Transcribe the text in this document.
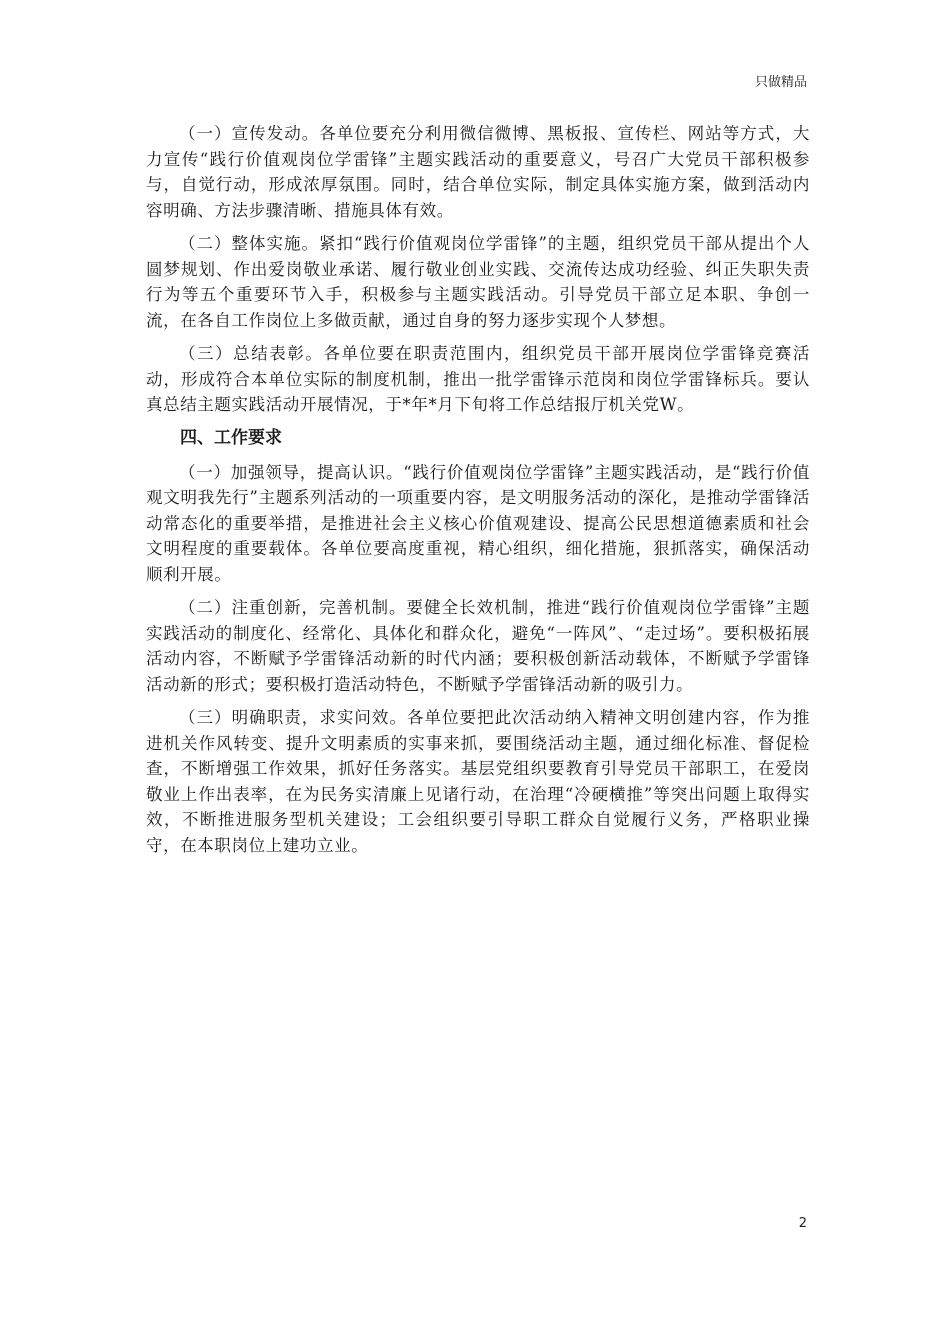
只做精品

（一）宣传发动。各单位要充分利用微信微博、黑板报、宣传栏、网站等方式，大力宣传“践行价值观岗位学雷锋”主题实践活动的重要意义，号召广大党员干部积极参与，自觉行动，形成浓厚氛围。同时，结合单位实际，制定具体实施方案，做到活动内容明确、方法步骤清晰、措施具体有效。

（二）整体实施。紧扣“践行价值观岗位学雷锋”的主题，组织党员干部从提出个人圆梦规划、作出爱岗敬业承诺、履行敬业创业实践、交流传达成功经验、纠正失职失责行为等五个重要环节入手，积极参与主题实践活动。引导党员干部立足本职、争创一流，在各自工作岗位上多做贡献，通过自身的努力逐步实现个人梦想。

（三）总结表彰。各单位要在职责范围内，组织党员干部开展岗位学雷锋竞赛活动，形成符合本单位实际的制度机制，推出一批学雷锋示范岗和岗位学雷锋标兵。要认真总结主题实践活动开展情况，于*年*月下旬将工作总结报厅机关党W。

四、工作要求

（一）加强领导，提高认识。“践行价值观岗位学雷锋”主题实践活动，是“践行价值观文明我先行”主题系列活动的一项重要内容，是文明服务活动的深化，是推动学雷锋活动常态化的重要举措，是推进社会主义核心价值观建设、提高公民思想道德素质和社会文明程度的重要载体。各单位要高度重视，精心组织，细化措施，狠抓落实，确保活动顺利开展。

（二）注重创新，完善机制。要健全长效机制，推进“践行价值观岗位学雷锋”主题实践活动的制度化、经常化、具体化和群众化，避免“一阵风”、“走过场”。要积极拓展活动内容，不断赋予学雷锋活动新的时代内涵；要积极创新活动载体，不断赋予学雷锋活动新的形式；要积极打造活动特色，不断赋予学雷锋活动新的吸引力。

（三）明确职责，求实问效。各单位要把此次活动纳入精神文明创建内容，作为推进机关作风转变、提升文明素质的实事来抓，要围绕活动主题，通过细化标准、督促检查，不断增强工作效果，抓好任务落实。基层党组织要教育引导党员干部职工，在爱岗敬业上作出表率，在为民务实清廉上见诸行动，在治理“冷硬横推”等突出问题上取得实效，不断推进服务型机关建设；工会组织要引导职工群众自觉履行义务，严格职业操守，在本职岗位上建功立业。

2
